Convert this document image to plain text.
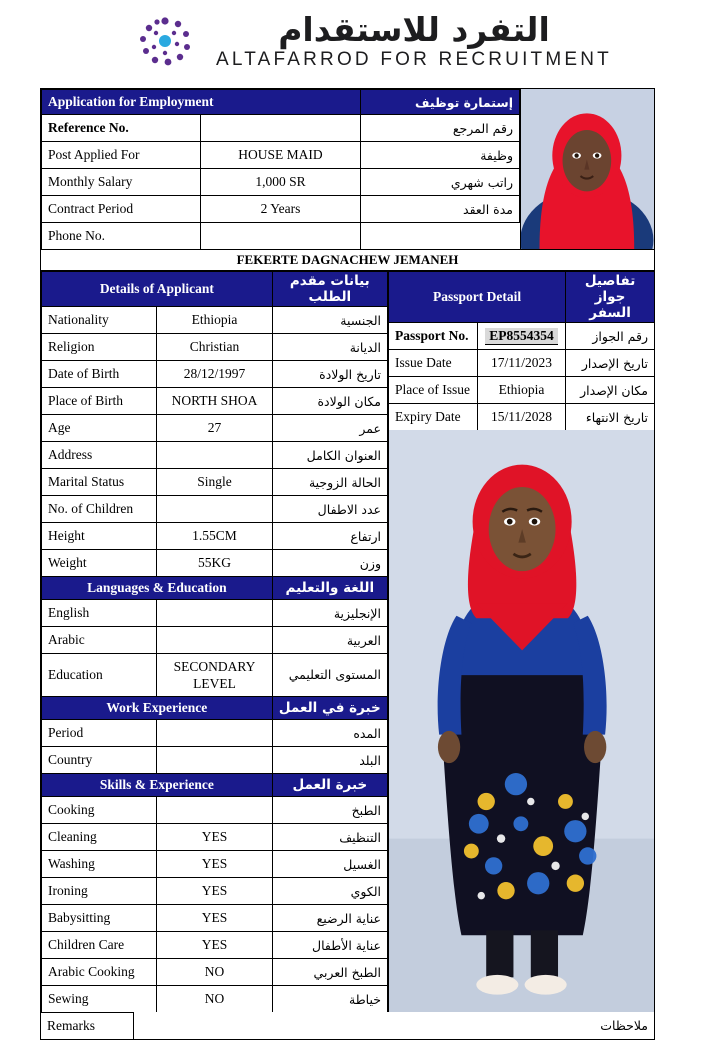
التفرد للاستقدام
ALTAFARROD FOR RECRUITMENT
Application for Employment		إستمارة توظيف
Reference No.		رقم المرجع
Post Applied For	HOUSE MAID	وظيفة
Monthly Salary	1,000 SR	راتب شهري
Contract Period	2 Years	مدة العقد
Phone No.		
FEKERTE DAGNACHEW JEMANEH
Details of Applicant		بيانات مقدم الطلب
Nationality	Ethiopia	الجنسية
Religion	Christian	الديانة
Date of Birth	28/12/1997	تاريخ الولادة
Place of Birth	NORTH SHOA	مكان الولادة
Age	27	عمر
Address		العنوان الكامل
Marital Status	Single	الحالة الزوجية
No. of Children		عدد الاطفال
Height	1.55CM	ارتفاع
Weight	55KG	وزن
Languages & Education		اللغة والتعليم
English		الإنجليزية
Arabic		العربية
Education	SECONDARY LEVEL	المستوى التعليمي
Work Experience		خبرة في العمل
Period		المده
Country		البلد
Skills & Experience		خبرة العمل
Cooking		الطبخ
Cleaning	YES	التنظيف
Washing	YES	الغسيل
Ironing	YES	الكوي
Babysitting	YES	عناية الرضيع
Children Care	YES	عناية الأطفال
Arabic Cooking	NO	الطبخ العربي
Sewing	NO	خياطة
Passport Detail		تفاصيل جواز السفر
Passport No.	EP8554354	رقم الجواز
Issue Date	17/11/2023	تاريخ الإصدار
Place of Issue	Ethiopia	مكان الإصدار
Expiry Date	15/11/2028	تاريخ الانتهاء
Remarks		ملاحظات
